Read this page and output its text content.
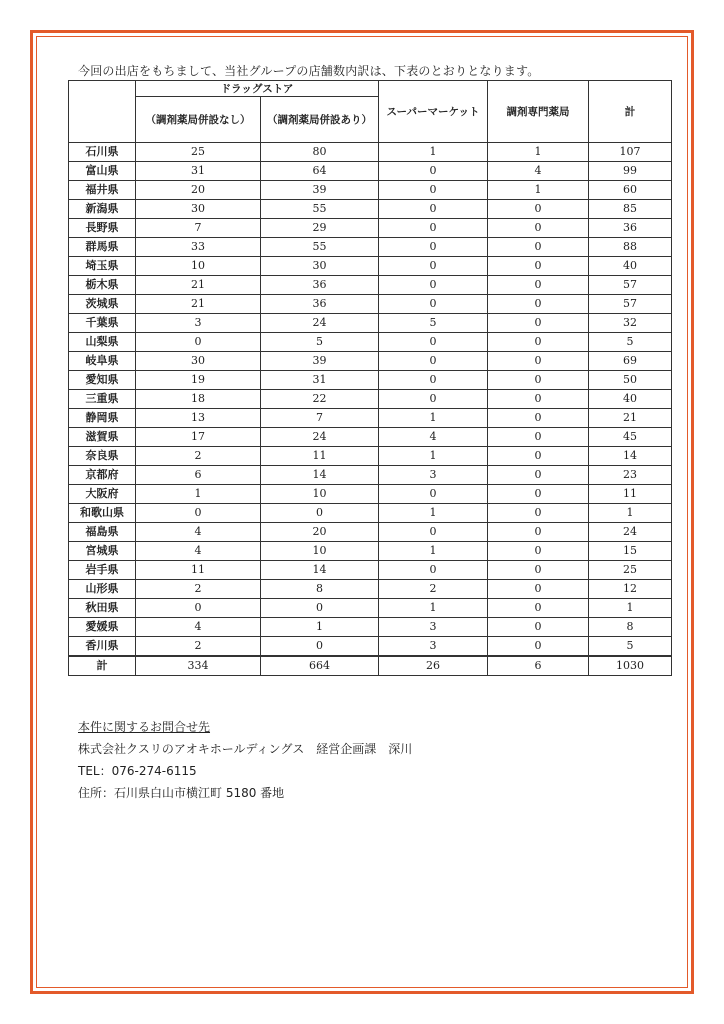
今回の出店をもちまして、当社グループの店舗数内訳は、下表のとおりとなります。
	ドラッグストア		スーパーマーケット	調剤専門薬局	計
	（調剤薬局併設なし）	（調剤薬局併設あり）			
石川県	25	80	1	1	107
富山県	31	64	0	4	99
福井県	20	39	0	1	60
新潟県	30	55	0	0	85
長野県	7	29	0	0	36
群馬県	33	55	0	0	88
埼玉県	10	30	0	0	40
栃木県	21	36	0	0	57
茨城県	21	36	0	0	57
千葉県	3	24	5	0	32
山梨県	0	5	0	0	5
岐阜県	30	39	0	0	69
愛知県	19	31	0	0	50
三重県	18	22	0	0	40
静岡県	13	7	1	0	21
滋賀県	17	24	4	0	45
奈良県	2	11	1	0	14
京都府	6	14	3	0	23
大阪府	1	10	0	0	11
和歌山県	0	0	1	0	1
福島県	4	20	0	0	24
宮城県	4	10	1	0	15
岩手県	11	14	0	0	25
山形県	2	8	2	0	12
秋田県	0	0	1	0	1
愛媛県	4	1	3	0	8
香川県	2	0	3	0	5
計	334	664	26	6	1030
本件に関するお問合せ先
株式会社クスリのアオキホールディングス　経営企画課　深川
TEL：076-274-6115
住所：石川県白山市横江町 5180 番地
